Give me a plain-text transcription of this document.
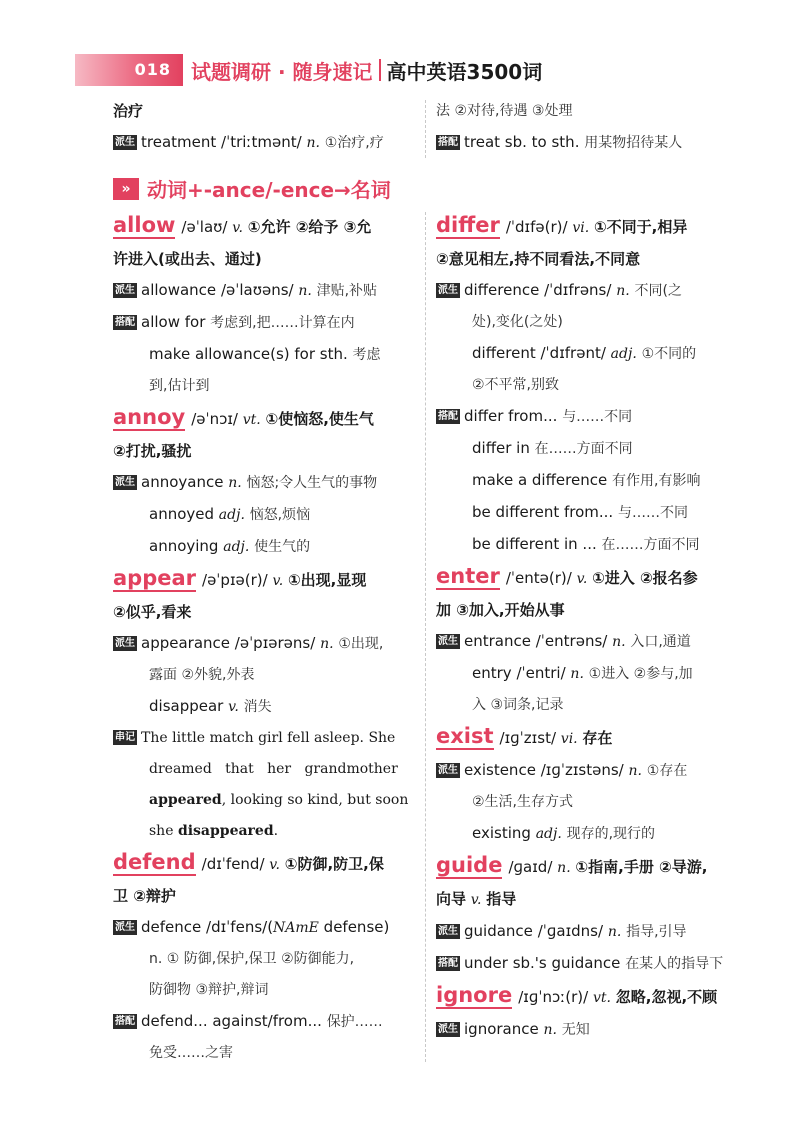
018 试题调研 · 随身速记 高中英语3500词
治疗
派生 treatment /ˈtriːtmənt/ n. ①治疗,疗
法 ②对待,待遇 ③处理
搭配 treat sb. to sth. 用某物招待某人
» 动词+-ance/-ence→名词
allow /əˈlaʊ/ v. ①允许 ②给予 ③允
许进入(或出去、通过)
派生 allowance /əˈlaʊəns/ n. 津贴,补贴
搭配 allow for 考虑到,把……计算在内
make allowance(s) for sth. 考虑
到,估计到
annoy /əˈnɔɪ/ vt. ①使恼怒,使生气
②打扰,骚扰
派生 annoyance n. 恼怒;令人生气的事物
annoyed adj. 恼怒,烦恼
annoying adj. 使生气的
appear /əˈpɪə(r)/ v. ①出现,显现
②似乎,看来
派生 appearance /əˈpɪərəns/ n. ①出现,
露面 ②外貌,外表
disappear v. 消失
串记 The little match girl fell asleep. She
dreamed   that   her   grandmother
appeared, looking so kind, but soon
she disappeared.
defend /dɪˈfend/ v. ①防御,防卫,保
卫 ②辩护
派生 defence /dɪˈfens/(NAmE defense)
n. ① 防御,保护,保卫 ②防御能力,
防御物 ③辩护,辩词
搭配 defend... against/from... 保护……
免受……之害
differ /ˈdɪfə(r)/ vi. ①不同于,相异
②意见相左,持不同看法,不同意
派生 difference /ˈdɪfrəns/ n. 不同(之
处),变化(之处)
different /ˈdɪfrənt/ adj. ①不同的
②不平常,别致
搭配 differ from... 与……不同
differ in 在……方面不同
make a difference 有作用,有影响
be different from... 与……不同
be different in ... 在……方面不同
enter /ˈentə(r)/ v. ①进入 ②报名参
加 ③加入,开始从事
派生 entrance /ˈentrəns/ n. 入口,通道
entry /ˈentri/ n. ①进入 ②参与,加
入 ③词条,记录
exist /ɪɡˈzɪst/ vi. 存在
派生 existence /ɪɡˈzɪstəns/ n. ①存在
②生活,生存方式
existing adj. 现存的,现行的
guide /ɡaɪd/ n. ①指南,手册 ②导游,
向导 v. 指导
派生 guidance /ˈɡaɪdns/ n. 指导,引导
搭配 under sb.'s guidance 在某人的指导下
ignore /ɪɡˈnɔː(r)/ vt. 忽略,忽视,不顾
派生 ignorance n. 无知
